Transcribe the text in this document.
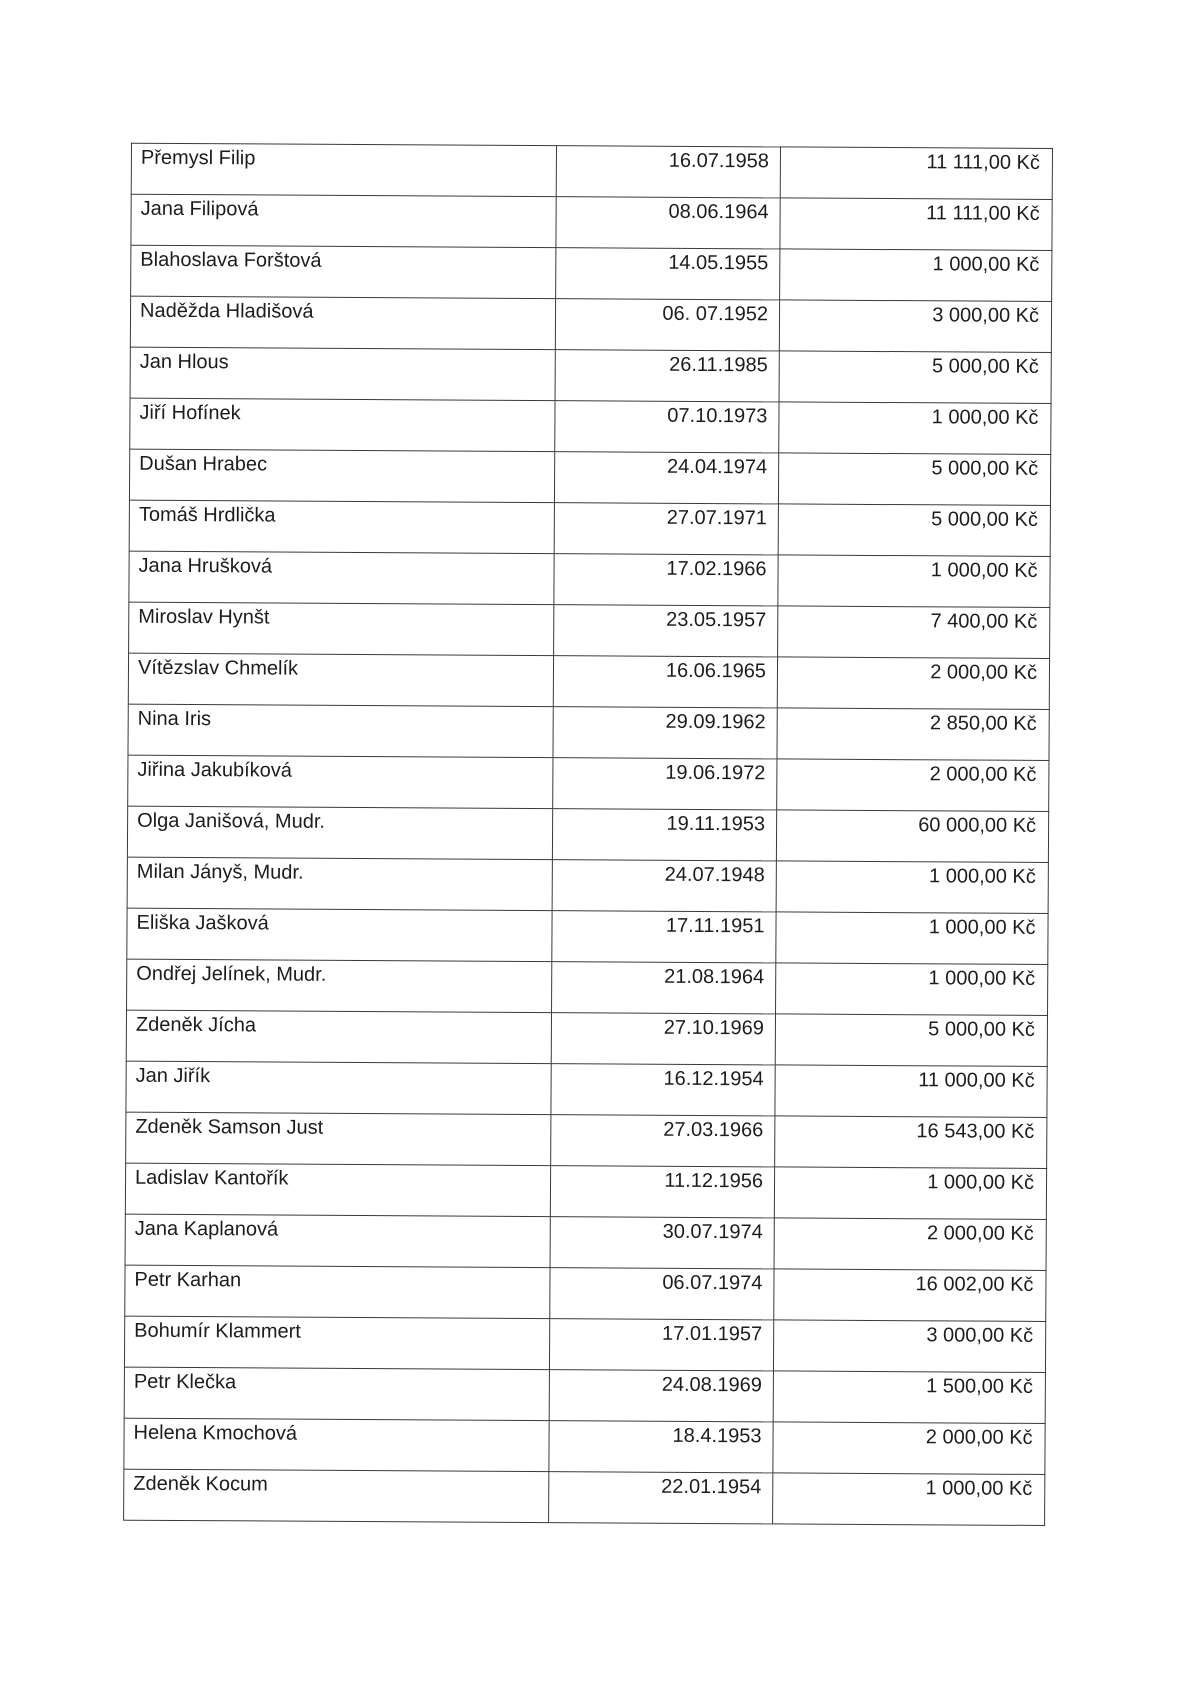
Přemysl Filip	16.07.1958	11 111,00 Kč

Jana Filipová	08.06.1964	11 111,00 Kč

Blahoslava Forštová	14.05.1955	1 000,00 Kč

Naděžda Hladišová	06. 07.1952	3 000,00 Kč

Jan Hlous	26.11.1985	5 000,00 Kč

Jiří Hofínek	07.10.1973	1 000,00 Kč

Dušan Hrabec	24.04.1974	5 000,00 Kč

Tomáš Hrdlička	27.07.1971	5 000,00 Kč

Jana Hrušková	17.02.1966	1 000,00 Kč

Miroslav Hynšt	23.05.1957	7 400,00 Kč

Vítězslav Chmelík	16.06.1965	2 000,00 Kč

Nina Iris	29.09.1962	2 850,00 Kč

Jiřina Jakubíková	19.06.1972	2 000,00 Kč

Olga Janišová, Mudr.	19.11.1953	60 000,00 Kč

Milan Jányš, Mudr.	24.07.1948	1 000,00 Kč

Eliška Jašková	17.11.1951	1 000,00 Kč

Ondřej Jelínek, Mudr.	21.08.1964	1 000,00 Kč

Zdeněk Jícha	27.10.1969	5 000,00 Kč

Jan Jiřík	16.12.1954	11 000,00 Kč

Zdeněk Samson Just	27.03.1966	16 543,00 Kč

Ladislav Kantořík	11.12.1956	1 000,00 Kč

Jana Kaplanová	30.07.1974	2 000,00 Kč

Petr Karhan	06.07.1974	16 002,00 Kč

Bohumír Klammert	17.01.1957	3 000,00 Kč

Petr Klečka	24.08.1969	1 500,00 Kč

Helena Kmochová	18.4.1953	2 000,00 Kč

Zdeněk Kocum	22.01.1954	1 000,00 Kč
